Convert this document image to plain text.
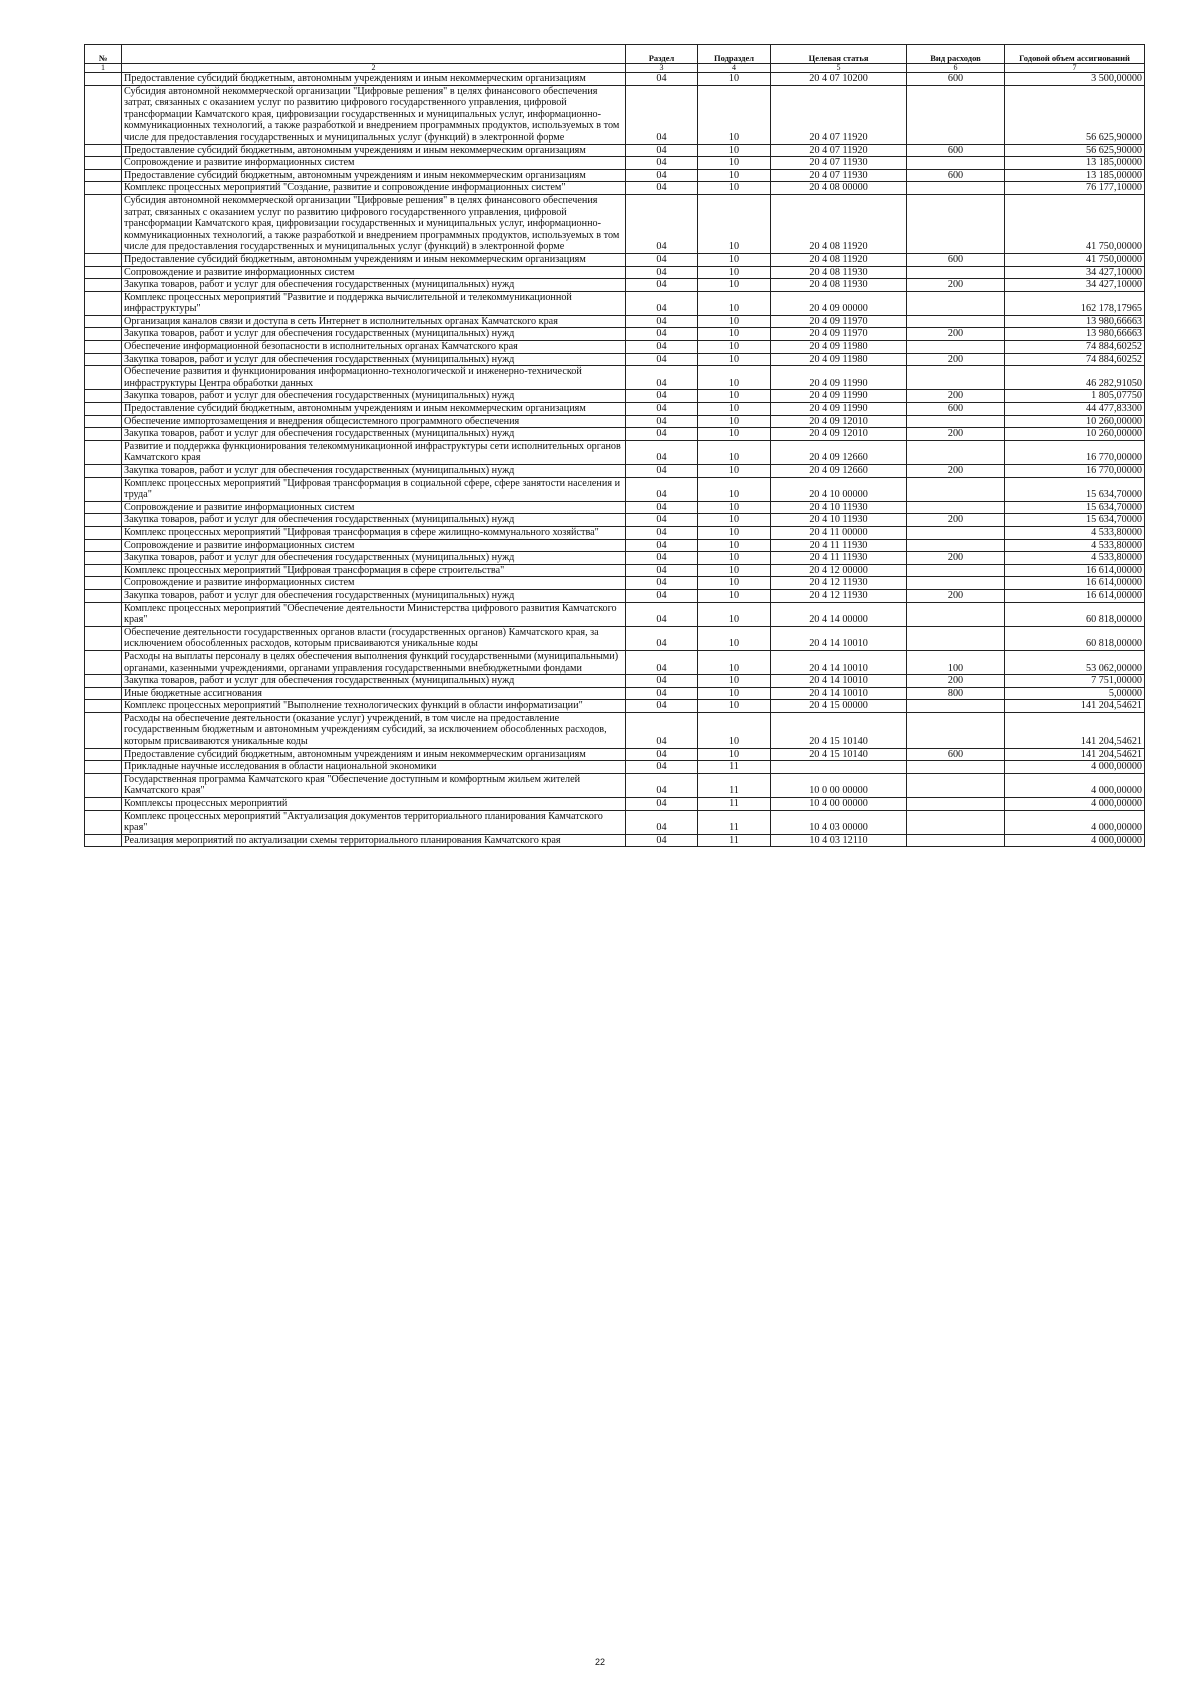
№		Раздел	Подраздел	Целевая статья	Вид расходов	Годовой объем ассигнований
1	2	3	4	5	6	7
	Предоставление субсидий бюджетным, автономным учреждениям и иным некоммерческим организациям	04	10	20 4 07 10200	600	3 500,00000
	Субсидия автономной некоммерческой организации "Цифровые решения" в целях финансового обеспечения затрат, связанных с оказанием услуг по развитию цифрового государственного управления, цифровой трансформации Камчатского края, цифровизации государственных и муниципальных услуг, информационно-коммуникационных технологий, а также разработкой и внедрением программных продуктов, используемых в том числе для предоставления государственных и муниципальных услуг (функций) в электронной форме	04	10	20 4 07 11920		56 625,90000
	Предоставление субсидий бюджетным, автономным учреждениям и иным некоммерческим организациям	04	10	20 4 07 11920	600	56 625,90000
	Сопровождение и развитие информационных систем	04	10	20 4 07 11930		13 185,00000
	Предоставление субсидий бюджетным, автономным учреждениям и иным некоммерческим организациям	04	10	20 4 07 11930	600	13 185,00000
	Комплекс процессных мероприятий "Создание, развитие и сопровождение информационных систем"	04	10	20 4 08 00000		76 177,10000
	Субсидия автономной некоммерческой организации "Цифровые решения" в целях финансового обеспечения затрат, связанных с оказанием услуг по развитию цифрового государственного управления, цифровой трансформации Камчатского края, цифровизации государственных и муниципальных услуг, информационно-коммуникационных технологий, а также разработкой и внедрением программных продуктов, используемых в том числе для предоставления государственных и муниципальных услуг (функций) в электронной форме	04	10	20 4 08 11920		41 750,00000
	Предоставление субсидий бюджетным, автономным учреждениям и иным некоммерческим организациям	04	10	20 4 08 11920	600	41 750,00000
	Сопровождение и развитие информационных систем	04	10	20 4 08 11930		34 427,10000
	Закупка товаров, работ и услуг для обеспечения государственных (муниципальных) нужд	04	10	20 4 08 11930	200	34 427,10000
	Комплекс процессных мероприятий "Развитие и поддержка вычислительной и телекоммуникационной инфраструктуры"	04	10	20 4 09 00000		162 178,17965
	Организация каналов связи и доступа в сеть Интернет в исполнительных органах Камчатского края	04	10	20 4 09 11970		13 980,66663
	Закупка товаров, работ и услуг для обеспечения государственных (муниципальных) нужд	04	10	20 4 09 11970	200	13 980,66663
	Обеспечение информационной безопасности в исполнительных органах Камчатского края	04	10	20 4 09 11980		74 884,60252
	Закупка товаров, работ и услуг для обеспечения государственных (муниципальных) нужд	04	10	20 4 09 11980	200	74 884,60252
	Обеспечение развития и функционирования информационно-технологической и инженерно-технической инфраструктуры Центра обработки данных	04	10	20 4 09 11990		46 282,91050
	Закупка товаров, работ и услуг для обеспечения государственных (муниципальных) нужд	04	10	20 4 09 11990	200	1 805,07750
	Предоставление субсидий бюджетным, автономным учреждениям и иным некоммерческим организациям	04	10	20 4 09 11990	600	44 477,83300
	Обеспечение импортозамещения и внедрения общесистемного программного обеспечения	04	10	20 4 09 12010		10 260,00000
	Закупка товаров, работ и услуг для обеспечения государственных (муниципальных) нужд	04	10	20 4 09 12010	200	10 260,00000
	Развитие и поддержка функционирования телекоммуникационной инфраструктуры сети исполнительных органов Камчатского края	04	10	20 4 09 12660		16 770,00000
	Закупка товаров, работ и услуг для обеспечения государственных (муниципальных) нужд	04	10	20 4 09 12660	200	16 770,00000
	Комплекс процессных мероприятий "Цифровая трансформация в социальной сфере, сфере занятости населения и труда"	04	10	20 4 10 00000		15 634,70000
	Сопровождение и развитие информационных систем	04	10	20 4 10 11930		15 634,70000
	Закупка товаров, работ и услуг для обеспечения государственных (муниципальных) нужд	04	10	20 4 10 11930	200	15 634,70000
	Комплекс процессных мероприятий "Цифровая трансформация в сфере жилищно-коммунального хозяйства"	04	10	20 4 11 00000		4 533,80000
	Сопровождение и развитие информационных систем	04	10	20 4 11 11930		4 533,80000
	Закупка товаров, работ и услуг для обеспечения государственных (муниципальных) нужд	04	10	20 4 11 11930	200	4 533,80000
	Комплекс процессных мероприятий "Цифровая трансформация в сфере строительства"	04	10	20 4 12 00000		16 614,00000
	Сопровождение и развитие информационных систем	04	10	20 4 12 11930		16 614,00000
	Закупка товаров, работ и услуг для обеспечения государственных (муниципальных) нужд	04	10	20 4 12 11930	200	16 614,00000
	Комплекс процессных мероприятий "Обеспечение деятельности Министерства цифрового развития Камчатского края"	04	10	20 4 14 00000		60 818,00000
	Обеспечение деятельности государственных органов власти (государственных органов) Камчатского края, за исключением обособленных расходов, которым присваиваются уникальные коды	04	10	20 4 14 10010		60 818,00000
	Расходы на выплаты персоналу в целях обеспечения выполнения функций государственными (муниципальными) органами, казенными учреждениями, органами управления государственными внебюджетными фондами	04	10	20 4 14 10010	100	53 062,00000
	Закупка товаров, работ и услуг для обеспечения государственных (муниципальных) нужд	04	10	20 4 14 10010	200	7 751,00000
	Иные бюджетные ассигнования	04	10	20 4 14 10010	800	5,00000
	Комплекс процессных мероприятий "Выполнение технологических функций в области информатизации"	04	10	20 4 15 00000		141 204,54621
	Расходы на обеспечение деятельности (оказание услуг) учреждений, в том числе на предоставление государственным бюджетным и автономным учреждениям субсидий, за исключением обособленных расходов, которым присваиваются уникальные коды	04	10	20 4 15 10140		141 204,54621
	Предоставление субсидий бюджетным, автономным учреждениям и иным некоммерческим организациям	04	10	20 4 15 10140	600	141 204,54621
	Прикладные научные исследования в области национальной экономики	04	11			4 000,00000
	Государственная программа Камчатского края "Обеспечение доступным и комфортным жильем жителей Камчатского края"	04	11	10 0 00 00000		4 000,00000
	Комплексы процессных мероприятий	04	11	10 4 00 00000		4 000,00000
	Комплекс процессных мероприятий "Актуализация документов территориального планирования Камчатского края"	04	11	10 4 03 00000		4 000,00000
	Реализация мероприятий по актуализации схемы территориального планирования Камчатского края	04	11	10 4 03 12110		4 000,00000
22
